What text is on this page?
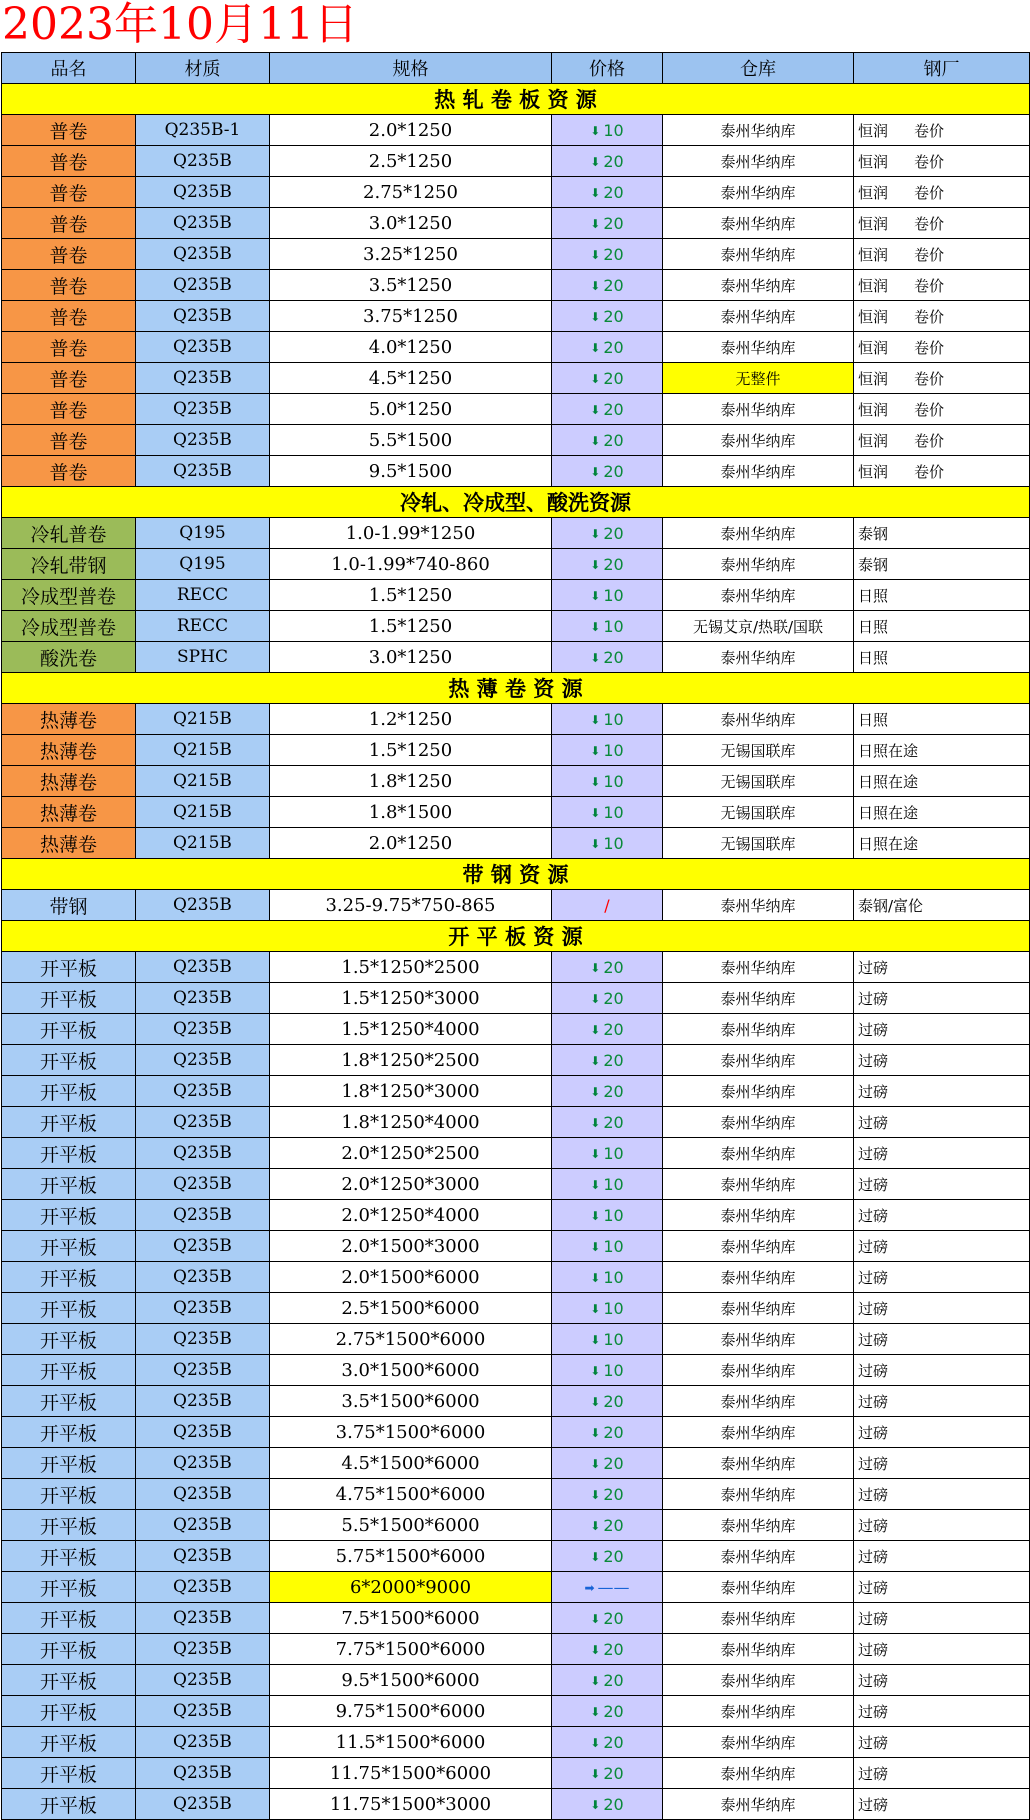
2023年10月11日
品名	材质	规格	价格	仓库	钢厂
热 轧 卷 板 资 源					
普卷	Q235B-1	2.0*1250	⬇ 10	泰州华纳库	恒润 卷价
普卷	Q235B	2.5*1250	⬇ 20	泰州华纳库	恒润 卷价
普卷	Q235B	2.75*1250	⬇ 20	泰州华纳库	恒润 卷价
普卷	Q235B	3.0*1250	⬇ 20	泰州华纳库	恒润 卷价
普卷	Q235B	3.25*1250	⬇ 20	泰州华纳库	恒润 卷价
普卷	Q235B	3.5*1250	⬇ 20	泰州华纳库	恒润 卷价
普卷	Q235B	3.75*1250	⬇ 20	泰州华纳库	恒润 卷价
普卷	Q235B	4.0*1250	⬇ 20	泰州华纳库	恒润 卷价
普卷	Q235B	4.5*1250	⬇ 20	无整件	恒润 卷价
普卷	Q235B	5.0*1250	⬇ 20	泰州华纳库	恒润 卷价
普卷	Q235B	5.5*1500	⬇ 20	泰州华纳库	恒润 卷价
普卷	Q235B	9.5*1500	⬇ 20	泰州华纳库	恒润 卷价
冷轧、冷成型、酸洗资源					
冷轧普卷	Q195	1.0-1.99*1250	⬇ 20	泰州华纳库	泰钢
冷轧带钢	Q195	1.0-1.99*740-860	⬇ 20	泰州华纳库	泰钢
冷成型普卷	RECC	1.5*1250	⬇ 10	泰州华纳库	日照
冷成型普卷	RECC	1.5*1250	⬇ 10	无锡艾京/热联/国联	日照
酸洗卷	SPHC	3.0*1250	⬇ 20	泰州华纳库	日照
热 薄 卷 资 源					
热薄卷	Q215B	1.2*1250	⬇ 10	泰州华纳库	日照
热薄卷	Q215B	1.5*1250	⬇ 10	无锡国联库	日照在途
热薄卷	Q215B	1.8*1250	⬇ 10	无锡国联库	日照在途
热薄卷	Q215B	1.8*1500	⬇ 10	无锡国联库	日照在途
热薄卷	Q215B	2.0*1250	⬇ 10	无锡国联库	日照在途
带 钢 资 源					
带钢	Q235B	3.25-9.75*750-865	/	泰州华纳库	泰钢/富伦
开 平 板 资 源					
开平板	Q235B	1.5*1250*2500	⬇ 20	泰州华纳库	过磅
开平板	Q235B	1.5*1250*3000	⬇ 20	泰州华纳库	过磅
开平板	Q235B	1.5*1250*4000	⬇ 20	泰州华纳库	过磅
开平板	Q235B	1.8*1250*2500	⬇ 20	泰州华纳库	过磅
开平板	Q235B	1.8*1250*3000	⬇ 20	泰州华纳库	过磅
开平板	Q235B	1.8*1250*4000	⬇ 20	泰州华纳库	过磅
开平板	Q235B	2.0*1250*2500	⬇ 10	泰州华纳库	过磅
开平板	Q235B	2.0*1250*3000	⬇ 10	泰州华纳库	过磅
开平板	Q235B	2.0*1250*4000	⬇ 10	泰州华纳库	过磅
开平板	Q235B	2.0*1500*3000	⬇ 10	泰州华纳库	过磅
开平板	Q235B	2.0*1500*6000	⬇ 10	泰州华纳库	过磅
开平板	Q235B	2.5*1500*6000	⬇ 10	泰州华纳库	过磅
开平板	Q235B	2.75*1500*6000	⬇ 10	泰州华纳库	过磅
开平板	Q235B	3.0*1500*6000	⬇ 10	泰州华纳库	过磅
开平板	Q235B	3.5*1500*6000	⬇ 20	泰州华纳库	过磅
开平板	Q235B	3.75*1500*6000	⬇ 20	泰州华纳库	过磅
开平板	Q235B	4.5*1500*6000	⬇ 20	泰州华纳库	过磅
开平板	Q235B	4.75*1500*6000	⬇ 20	泰州华纳库	过磅
开平板	Q235B	5.5*1500*6000	⬇ 20	泰州华纳库	过磅
开平板	Q235B	5.75*1500*6000	⬇ 20	泰州华纳库	过磅
开平板	Q235B	6*2000*9000	➡ ——	泰州华纳库	过磅
开平板	Q235B	7.5*1500*6000	⬇ 20	泰州华纳库	过磅
开平板	Q235B	7.75*1500*6000	⬇ 20	泰州华纳库	过磅
开平板	Q235B	9.5*1500*6000	⬇ 20	泰州华纳库	过磅
开平板	Q235B	9.75*1500*6000	⬇ 20	泰州华纳库	过磅
开平板	Q235B	11.5*1500*6000	⬇ 20	泰州华纳库	过磅
开平板	Q235B	11.75*1500*6000	⬇ 20	泰州华纳库	过磅
开平板	Q235B	11.75*1500*3000	⬇ 20	泰州华纳库	过磅
